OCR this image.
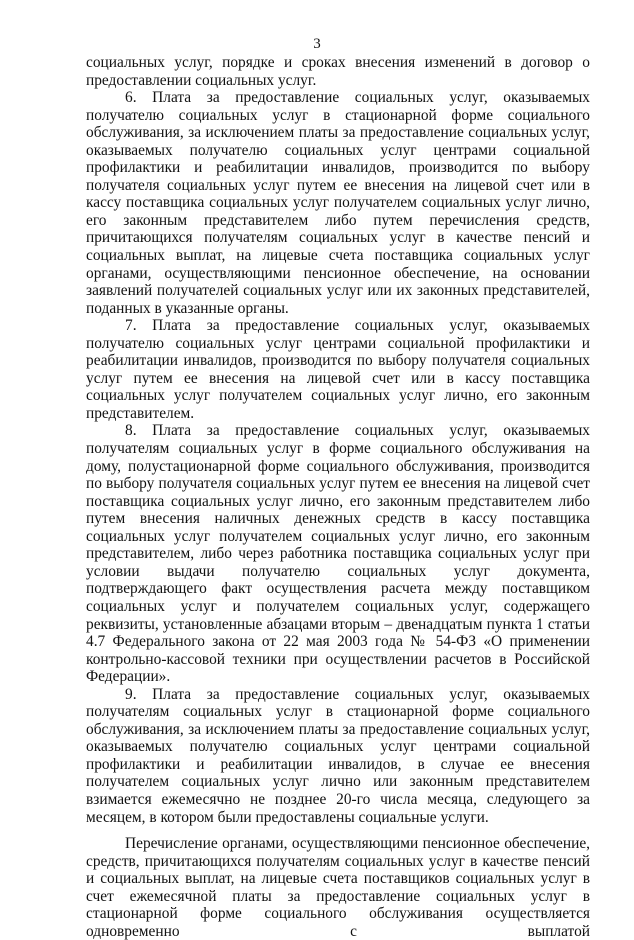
3

социальных услуг, порядке и сроках внесения изменений в договор о предоставлении социальных услуг.

6. Плата за предоставление социальных услуг, оказываемых получателю социальных услуг в стационарной форме социального обслуживания, за исключением платы за предоставление социальных услуг, оказываемых получателю социальных услуг центрами социальной профилактики и реабилитации инвалидов, производится по выбору получателя социальных услуг путем ее внесения на лицевой счет или в кассу поставщика социальных услуг получателем социальных услуг лично, его законным представителем либо путем перечисления средств, причитающихся получателям социальных услуг в качестве пенсий и социальных выплат, на лицевые счета поставщика социальных услуг органами, осуществляющими пенсионное обеспечение, на основании заявлений получателей социальных услуг или их законных представителей, поданных в указанные органы.

7. Плата за предоставление социальных услуг, оказываемых получателю социальных услуг центрами социальной профилактики и реабилитации инвалидов, производится по выбору получателя социальных услуг путем ее внесения на лицевой счет или в кассу поставщика социальных услуг получателем социальных услуг лично, его законным представителем.

8. Плата за предоставление социальных услуг, оказываемых получателям социальных услуг в форме социального обслуживания на дому, полустационарной форме социального обслуживания, производится по выбору получателя социальных услуг путем ее внесения на лицевой счет поставщика социальных услуг лично, его законным представителем либо путем внесения наличных денежных средств в кассу поставщика социальных услуг получателем социальных услуг лично, его законным представителем, либо через работника поставщика социальных услуг при условии выдачи получателю социальных услуг документа, подтверждающего факт осуществления расчета между поставщиком социальных услуг и получателем социальных услуг, содержащего реквизиты, установленные абзацами вторым – двенадцатым пункта 1 статьи 4.7 Федерального закона от 22 мая 2003 года № 54-ФЗ «О применении контрольно-кассовой техники при осуществлении расчетов в Российской Федерации».

9. Плата за предоставление социальных услуг, оказываемых получателям социальных услуг в стационарной форме социального обслуживания, за исключением платы за предоставление социальных услуг, оказываемых получателю социальных услуг центрами социальной профилактики и реабилитации инвалидов, в случае ее внесения получателем социальных услуг лично или законным представителем взимается ежемесячно не позднее 20-го числа месяца, следующего за месяцем, в котором были предоставлены социальные услуги.

Перечисление органами, осуществляющими пенсионное обеспечение, средств, причитающихся получателям социальных услуг в качестве пенсий и социальных выплат, на лицевые счета поставщиков социальных услуг в счет ежемесячной платы за предоставление социальных услуг в стационарной форме социального обслуживания осуществляется одновременно с выплатой
